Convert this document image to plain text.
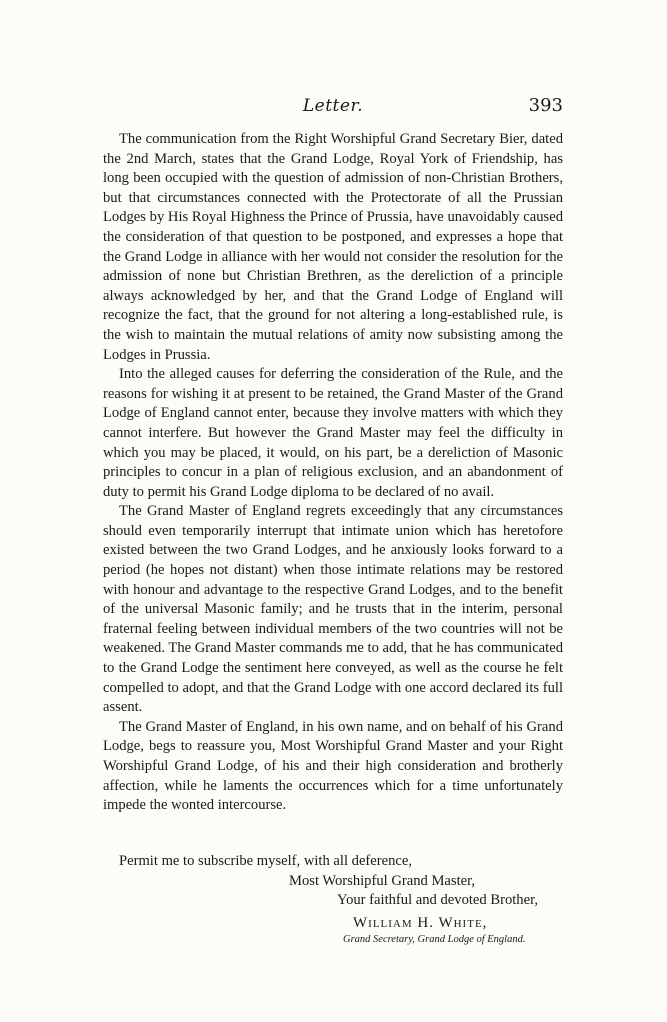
Letter.	393

The communication from the Right Worshipful Grand Secretary Bier, dated the 2nd March, states that the Grand Lodge, Royal York of Friendship, has long been occupied with the question of admission of non-Christian Brothers, but that circumstances connected with the Protectorate of all the Prussian Lodges by His Royal Highness the Prince of Prussia, have unavoidably caused the consideration of that question to be postponed, and expresses a hope that the Grand Lodge in alliance with her would not consider the resolution for the admission of none but Christian Brethren, as the dereliction of a principle always acknowledged by her, and that the Grand Lodge of England will recognize the fact, that the ground for not altering a long-established rule, is the wish to maintain the mutual relations of amity now subsisting among the Lodges in Prussia.

Into the alleged causes for deferring the consideration of the Rule, and the reasons for wishing it at present to be retained, the Grand Master of the Grand Lodge of England cannot enter, because they involve matters with which they cannot interfere. But however the Grand Master may feel the difficulty in which you may be placed, it would, on his part, be a dereliction of Masonic principles to concur in a plan of religious exclusion, and an abandonment of duty to permit his Grand Lodge diploma to be declared of no avail.

The Grand Master of England regrets exceedingly that any circumstances should even temporarily interrupt that intimate union which has heretofore existed between the two Grand Lodges, and he anxiously looks forward to a period (he hopes not distant) when those intimate relations may be restored with honour and advantage to the respective Grand Lodges, and to the benefit of the universal Masonic family; and he trusts that in the interim, personal fraternal feeling between individual members of the two countries will not be weakened. The Grand Master commands me to add, that he has communicated to the Grand Lodge the sentiment here conveyed, as well as the course he felt compelled to adopt, and that the Grand Lodge with one accord declared its full assent.

The Grand Master of England, in his own name, and on behalf of his Grand Lodge, begs to reassure you, Most Worshipful Grand Master and your Right Worshipful Grand Lodge, of his and their high consideration and brotherly affection, while he laments the occurrences which for a time unfortunately impede the wonted intercourse.

Permit me to subscribe myself, with all deference,
Most Worshipful Grand Master,
Your faithful and devoted Brother,
William H. White,
Grand Secretary, Grand Lodge of England.
